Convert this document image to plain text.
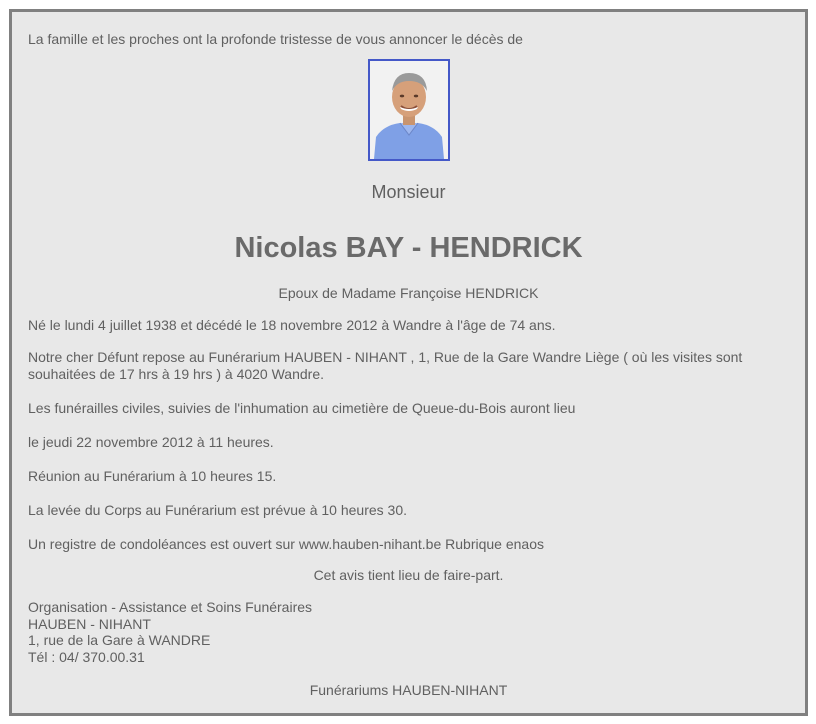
La famille et les proches ont la profonde tristesse de vous annoncer le décès de
Monsieur
Nicolas BAY - HENDRICK
Epoux de Madame Françoise HENDRICK
Né le lundi 4 juillet 1938 et décédé le 18 novembre 2012 à Wandre à l'âge de 74 ans.
Notre cher Défunt repose au Funérarium HAUBEN - NIHANT , 1, Rue de la Gare Wandre Liège ( où les visites sont souhaitées de 17 hrs à 19 hrs ) à 4020 Wandre.
Les funérailles civiles, suivies de l'inhumation au cimetière de Queue-du-Bois auront lieu
le jeudi 22 novembre 2012 à 11 heures.
Réunion au Funérarium à 10 heures 15.
La levée du Corps au Funérarium est prévue à 10 heures 30.
Un registre de condoléances est ouvert sur www.hauben-nihant.be Rubrique enaos
Cet avis tient lieu de faire-part.
Organisation - Assistance et Soins Funéraires
HAUBEN - NIHANT
1, rue de la Gare à WANDRE
Tél : 04/ 370.00.31
Funérariums HAUBEN-NIHANT
